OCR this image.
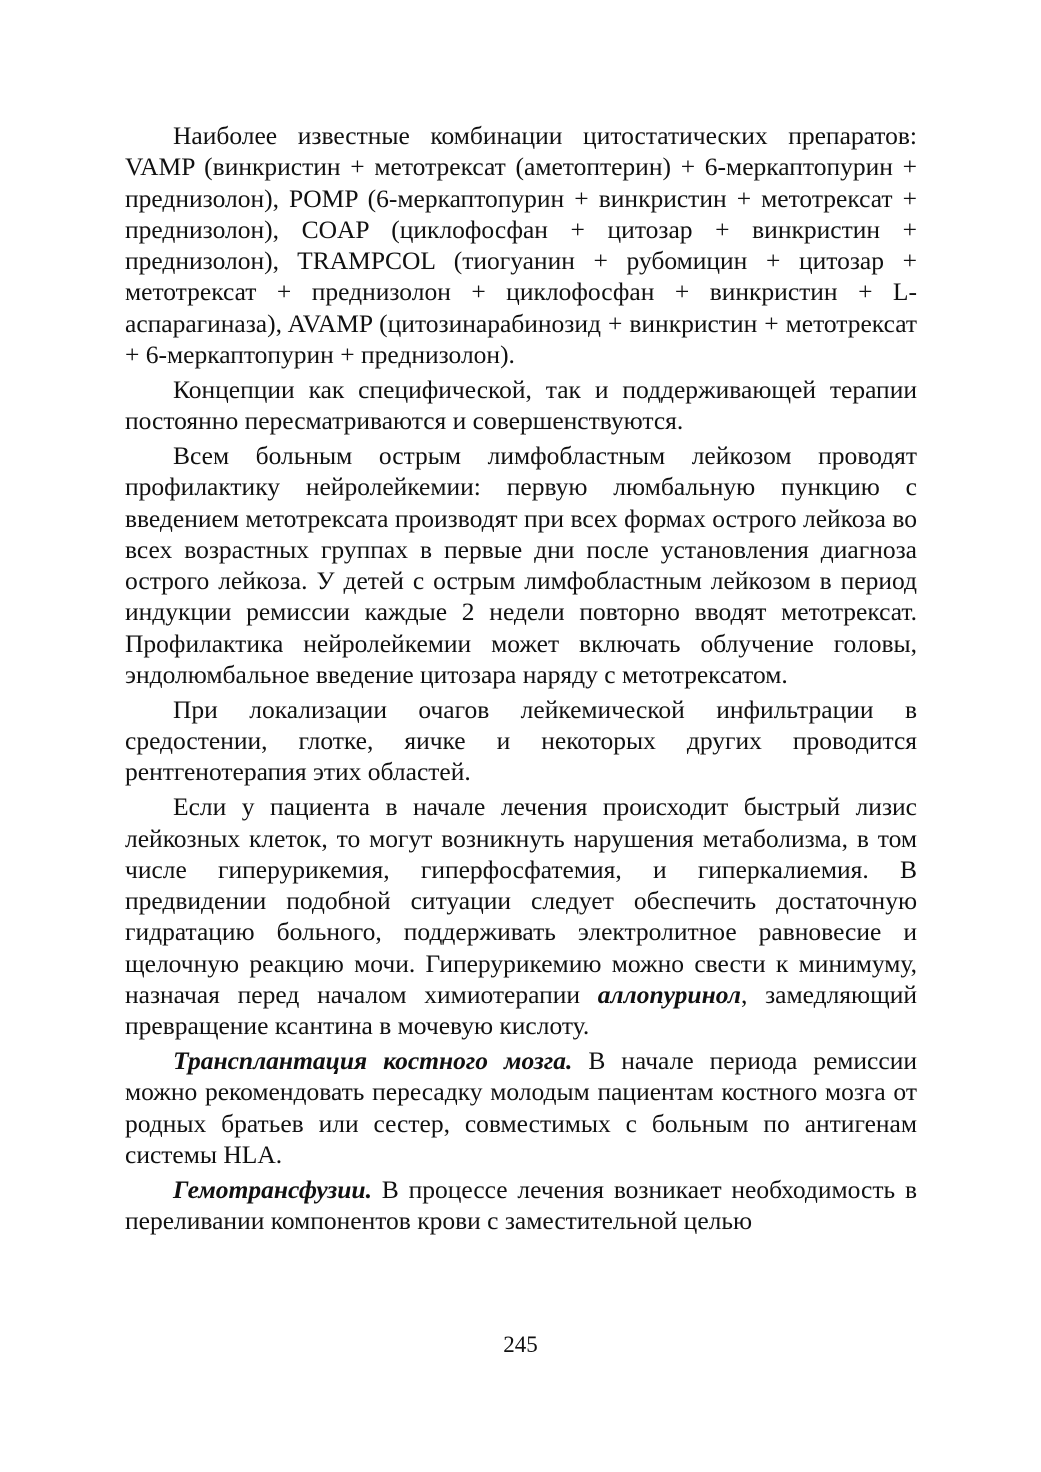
Наиболее известные комбинации цитостатических препаратов: VAMP (винкристин + метотрексат (аметоптерин) + 6-меркаптопурин + преднизолон), POMP (6-меркаптопурин + винкристин + метотрексат + преднизолон), COAP (циклофосфан + цитозар + винкристин + преднизолон), TRAMPCOL (тиогуанин + рубомицин + цитозар + метотрексат + преднизолон + циклофосфан + винкристин + L-аспарагиназа), AVAMP (цитозинарабинозид + винкристин + метотрексат + 6-меркаптопурин + преднизолон).

Концепции как специфической, так и поддерживающей терапии постоянно пересматриваются и совершенствуются.

Всем больным острым лимфобластным лейкозом проводят профилактику нейролейкемии: первую люмбальную пункцию с введением метотрексата производят при всех формах острого лейкоза во всех возрастных группах в первые дни после установления диагноза острого лейкоза. У детей с острым лимфобластным лейкозом в период индукции ремиссии каждые 2 недели повторно вводят метотрексат. Профилактика нейролейкемии может включать облучение головы, эндолюмбальное введение цитозара наряду с метотрексатом.

При локализации очагов лейкемической инфильтрации в средостении, глотке, яичке и некоторых других проводится рентгенотерапия этих областей.

Если у пациента в начале лечения происходит быстрый лизис лейкозных клеток, то могут возникнуть нарушения метаболизма, в том числе гиперурикемия, гиперфосфатемия, и гиперкалиемия. В предвидении подобной ситуации следует обеспечить достаточную гидратацию больного, поддерживать электролитное равновесие и щелочную реакцию мочи. Гиперурикемию можно свести к минимуму, назначая перед началом химиотерапии аллопуринол, замедляющий превращение ксантина в мочевую кислоту.

Трансплантация костного мозга. В начале периода ремиссии можно рекомендовать пересадку молодым пациентам костного мозга от родных братьев или сестер, совместимых с больным по антигенам системы HLA.

Гемотрансфузии. В процессе лечения возникает необходимость в переливании компонентов крови с заместительной целью

245
